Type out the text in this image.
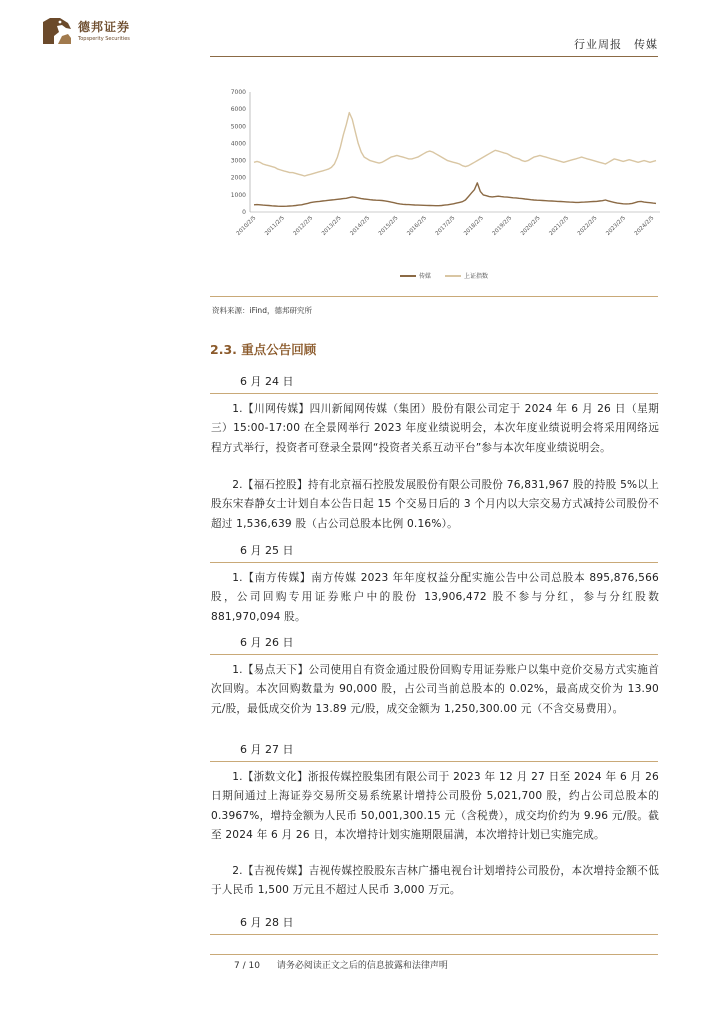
德邦证券
Topsperity Securities	行业周报　传媒
0
1000
2000
3000
4000
5000
6000
7000
2010/2/5 2011/2/5 2012/2/5 2013/2/5 2014/2/5 2015/2/5 2016/2/5 2017/2/5 2018/2/5 2019/2/5 2020/2/5 2021/2/5 2022/2/5 2023/2/5 2024/2/5
传媒	上证指数
资料来源：iFind，德邦研究所
2.3. 重点公告回顾
6 月 24 日
1.【川网传媒】四川新闻网传媒（集团）股份有限公司定于 2024 年 6 月 26 日（星期三）15:00-17:00 在全景网举行 2023 年度业绩说明会，本次年度业绩说明会将采用网络远程方式举行，投资者可登录全景网“投资者关系互动平台”参与本次年度业绩说明会。
2.【福石控股】持有北京福石控股发展股份有限公司股份 76,831,967 股的持股 5%以上股东宋春静女士计划自本公告日起 15 个交易日后的 3 个月内以大宗交易方式减持公司股份不超过 1,536,639 股（占公司总股本比例 0.16%）。
6 月 25 日
1.【南方传媒】南方传媒 2023 年年度权益分配实施公告中公司总股本 895,876,566 股，公司回购专用证券账户中的股份 13,906,472 股不参与分红，参与分红股数 881,970,094 股。
6 月 26 日
1.【易点天下】公司使用自有资金通过股份回购专用证券账户以集中竞价交易方式实施首次回购。本次回购数量为 90,000 股，占公司当前总股本的 0.02%，最高成交价为 13.90 元/股，最低成交价为 13.89 元/股，成交金额为 1,250,300.00 元（不含交易费用）。
6 月 27 日
1.【浙数文化】浙报传媒控股集团有限公司于 2023 年 12 月 27 日至 2024 年 6 月 26 日期间通过上海证券交易所交易系统累计增持公司股份 5,021,700 股，约占公司总股本的 0.3967%，增持金额为人民币 50,001,300.15 元（含税费），成交均价约为 9.96 元/股。截至 2024 年 6 月 26 日，本次增持计划实施期限届满，本次增持计划已实施完成。
2.【吉视传媒】吉视传媒控股股东吉林广播电视台计划增持公司股份，本次增持金额不低于人民币 1,500 万元且不超过人民币 3,000 万元。
6 月 28 日
7 / 10 请务必阅读正文之后的信息披露和法律声明
